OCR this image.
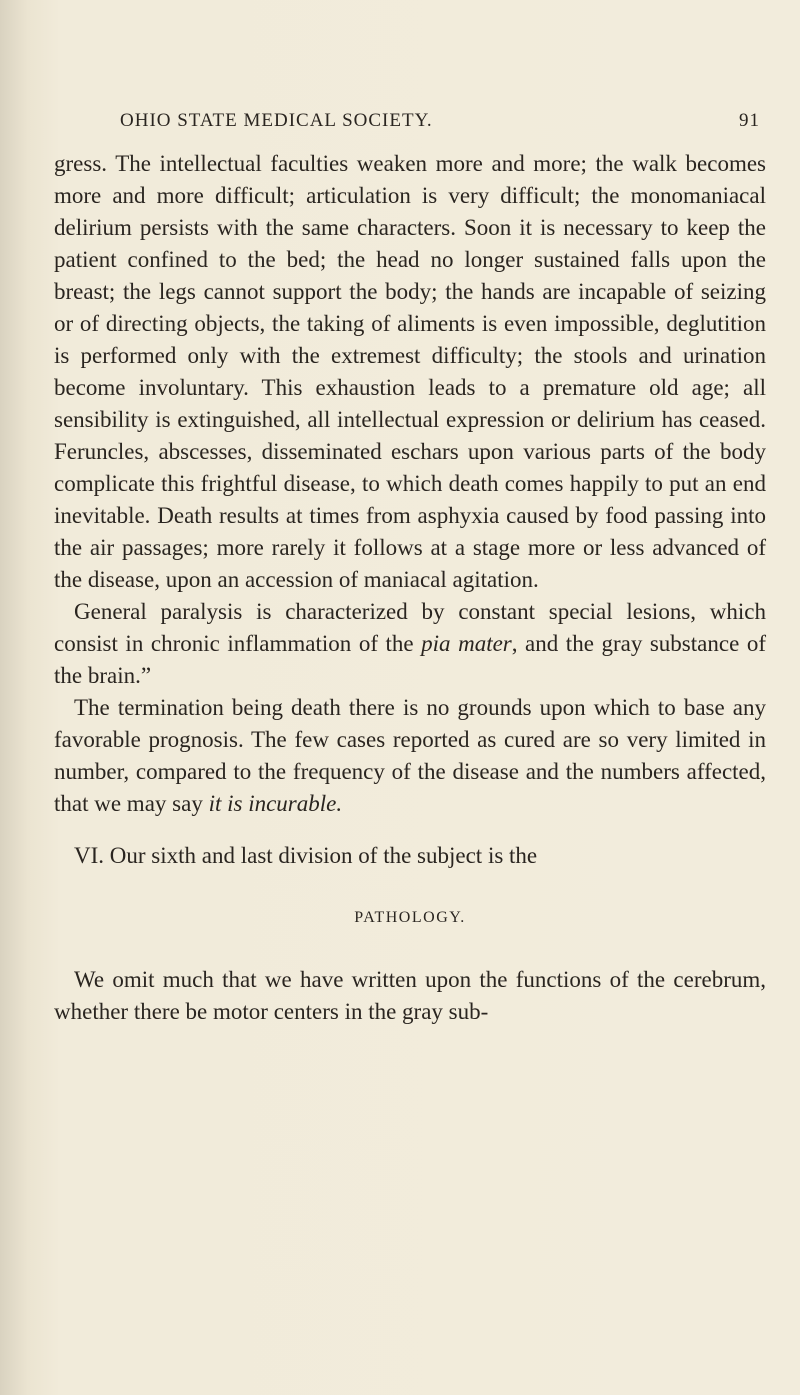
OHIO STATE MEDICAL SOCIETY.	91

gress. The intellectual faculties weaken more and more; the walk becomes more and more difficult; articulation is very difficult; the monomaniacal delirium persists with the same characters. Soon it is necessary to keep the patient confined to the bed; the head no longer sustained falls upon the breast; the legs cannot support the body; the hands are incapable of seizing or of directing objects, the taking of aliments is even impossible, deglutition is performed only with the extremest difficulty; the stools and urination become involuntary. This exhaustion leads to a premature old age; all sensibility is extinguished, all intellectual expression or delirium has ceased. Feruncles, abscesses, disseminated eschars upon various parts of the body complicate this frightful disease, to which death comes happily to put an end inevitable. Death results at times from asphyxia caused by food passing into the air passages; more rarely it follows at a stage more or less advanced of the disease, upon an accession of maniacal agitation.

General paralysis is characterized by constant special lesions, which consist in chronic inflammation of the pia mater, and the gray substance of the brain.”

The termination being death there is no grounds upon which to base any favorable prognosis. The few cases reported as cured are so very limited in number, compared to the frequency of the disease and the numbers affected, that we may say it is incurable.

VI. Our sixth and last division of the subject is the

PATHOLOGY.

We omit much that we have written upon the functions of the cerebrum, whether there be motor centers in the gray sub-
